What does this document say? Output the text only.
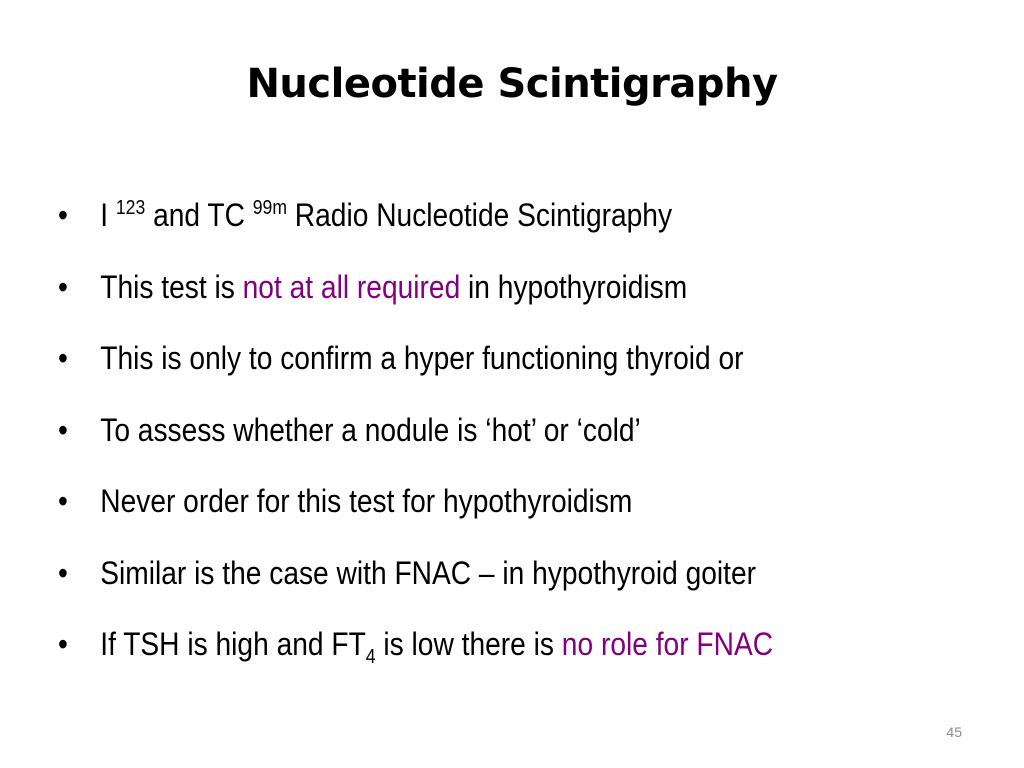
Nucleotide Scintigraphy
• I $^{123}$ and TC $^{99m}$ Radio Nucleotide Scintigraphy
• This test is not at all required in hypothyroidism
• This is only to confirm a hyper functioning thyroid or
• To assess whether a nodule is ‘hot’ or ‘cold’
• Never order for this test for hypothyroidism
• Similar is the case with FNAC – in hypothyroid goiter
• If TSH is high and $FT_4$ is low there is no role for FNAC
45
